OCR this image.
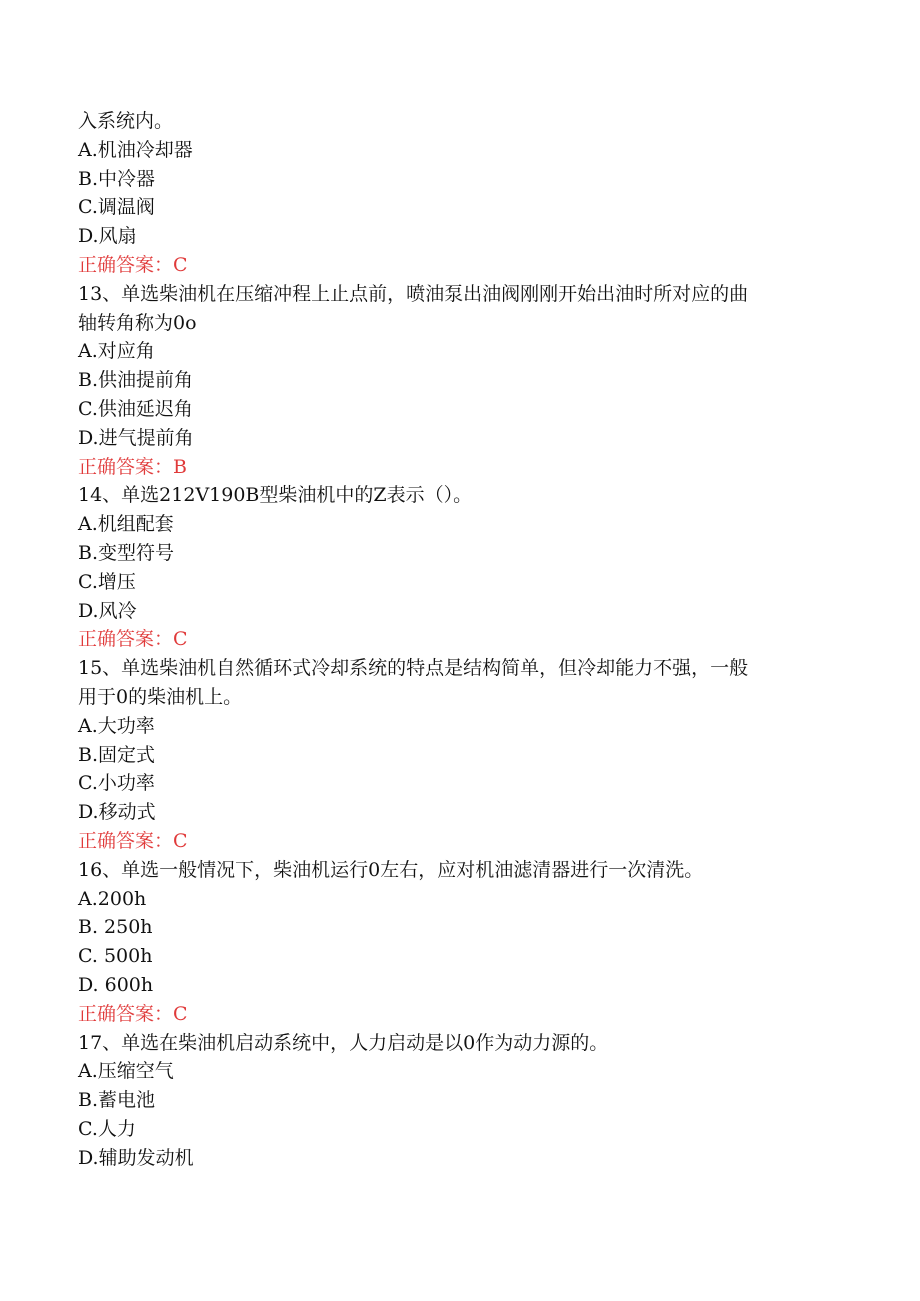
入系统内。
A.机油冷却器
B.中冷器
C.调温阀
D.风扇
正确答案：C
13、单选柴油机在压缩冲程上止点前，喷油泵出油阀刚刚开始出油时所对应的曲
轴转角称为0o
A.对应角
B.供油提前角
C.供油延迟角
D.进气提前角
正确答案：B
14、单选212V190B型柴油机中的Z表示（）。
A.机组配套
B.变型符号
C.增压
D.风冷
正确答案：C
15、单选柴油机自然循环式冷却系统的特点是结构简单，但冷却能力不强，一般
用于0的柴油机上。
A.大功率
B.固定式
C.小功率
D.移动式
正确答案：C
16、单选一般情况下，柴油机运行0左右，应对机油滤清器进行一次清洗。
A.200h
B. 250h
C. 500h
D. 600h
正确答案：C
17、单选在柴油机启动系统中，人力启动是以0作为动力源的。
A.压缩空气
B.蓄电池
C.人力
D.辅助发动机
